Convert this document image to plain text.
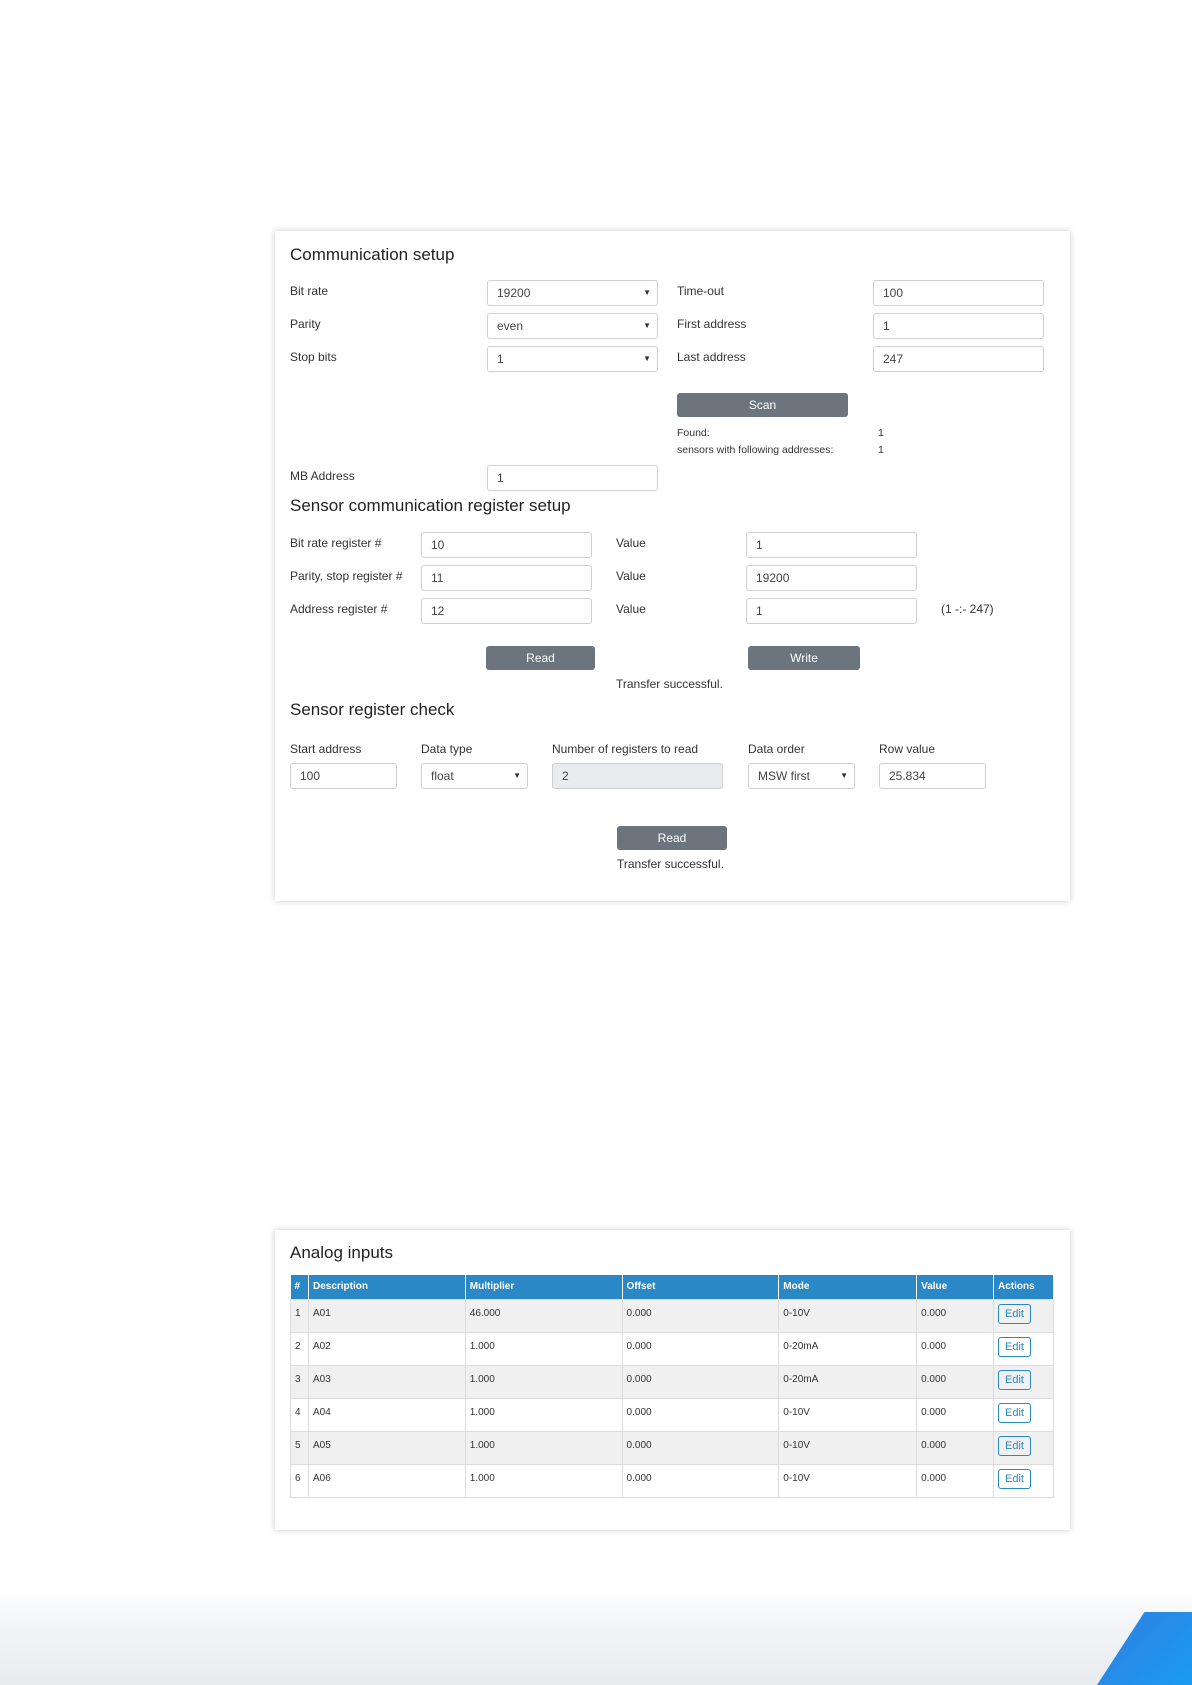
Communication setup
Bit rate	19200	▼
Parity	even	▼
Stop bits	1	▼
Time-out	100
First address	1
Last address	247
Scan
Found:	1
sensors with following addresses:	1
MB Address	1
Sensor communication register setup
Bit rate register #	10	Value	1
Parity, stop register #	11	Value	19200
Address register #	12	Value	1	(1 -:- 247)
Read	Write
Transfer successful.
Sensor register check
Start address
100
Data type
float	▼
Number of registers to read
2
Data order
MSW first	▼
Row value
25.834
Read
Transfer successful.
Analog inputs
#	Description	Multiplier	Offset	Mode	Value	Actions
1	A01	46.000	0.000	0-10V	0.000	Edit
2	A02	1.000	0.000	0-20mA	0.000	Edit
3	A03	1.000	0.000	0-20mA	0.000	Edit
4	A04	1.000	0.000	0-10V	0.000	Edit
5	A05	1.000	0.000	0-10V	0.000	Edit
6	A06	1.000	0.000	0-10V	0.000	Edit
